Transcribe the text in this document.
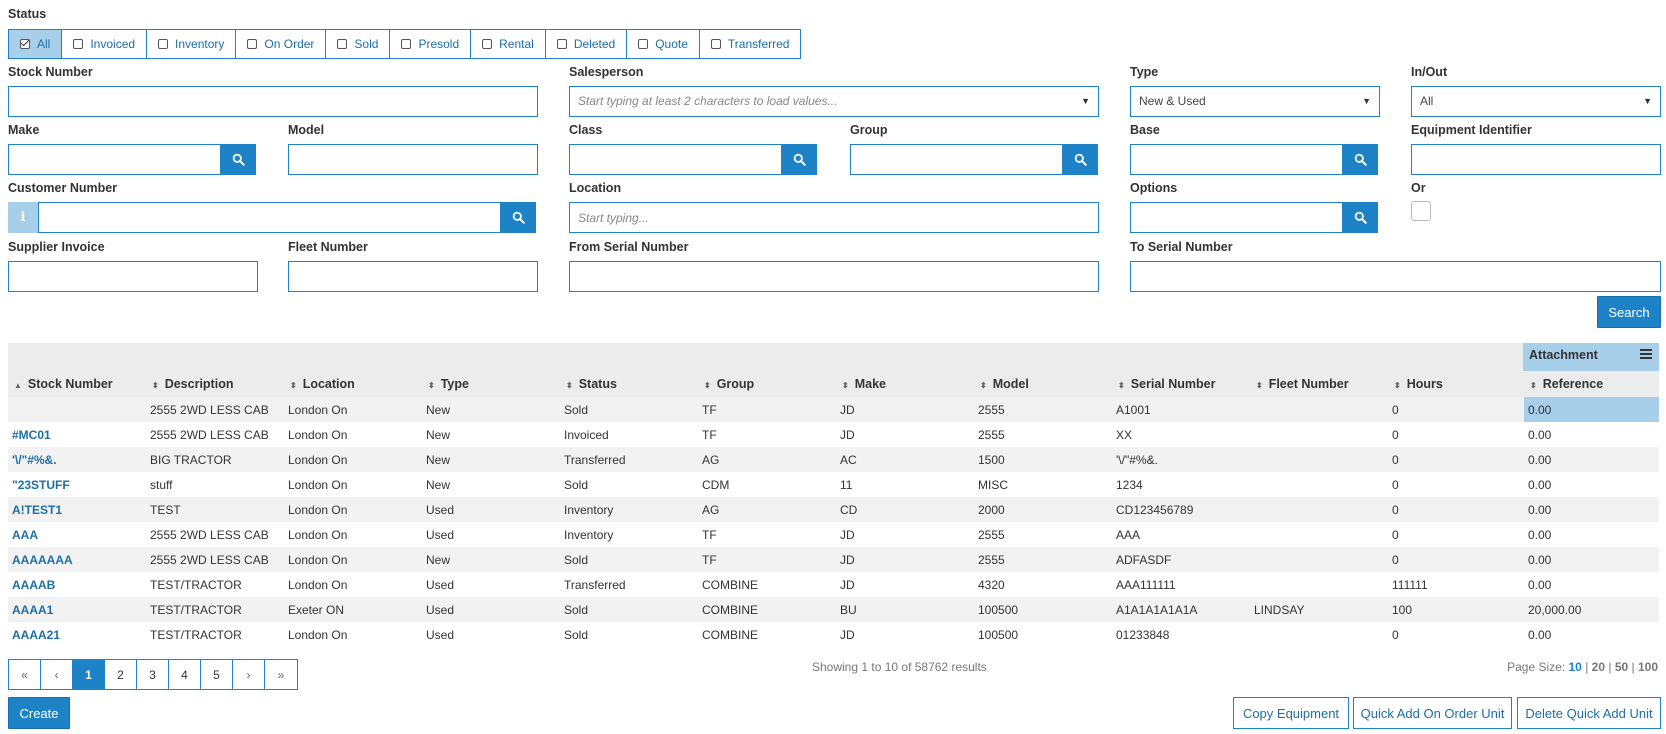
Status
All	Invoiced	Inventory	On Order	Sold	Presold	Rental	Deleted	Quote	Transferred
Stock Number	Salesperson
Start typing at least 2 characters to load values...	▼
Type
New & Used	▼
In/Out
All	▼
Make	Model	Class	Group	Base	Equipment Identifier
Customer Number
i
Location
Start typing...	Options	Or
Supplier Invoice	Fleet Number	From Serial Number	To Serial Number
Search
Attachment
▲ Stock Number	⬍ Description	⬍ Location	⬍ Type	⬍ Status	⬍ Group	⬍ Make	⬍ Model	⬍ Serial Number	⬍ Fleet Number	⬍ Hours	⬍ Reference
	2555 2WD LESS CAB	London On	New	Sold	TF	JD	2555	A1001		0	0.00
#MC01	2555 2WD LESS CAB	London On	New	Invoiced	TF	JD	2555	XX		0	0.00
'\/"#%&.	BIG TRACTOR	London On	New	Transferred	AG	AC	1500	'\/"#%&.		0	0.00
"23STUFF	stuff	London On	New	Sold	CDM	11	MISC	1234		0	0.00
A!TEST1	TEST	London On	Used	Inventory	AG	CD	2000	CD123456789		0	0.00
AAA	2555 2WD LESS CAB	London On	Used	Inventory	TF	JD	2555	AAA		0	0.00
AAAAAAA	2555 2WD LESS CAB	London On	New	Sold	TF	JD	2555	ADFASDF		0	0.00
AAAAB	TEST/TRACTOR	London On	Used	Transferred	COMBINE	JD	4320	AAA111111		111111	0.00
AAAA1	TEST/TRACTOR	Exeter ON	Used	Sold	COMBINE	BU	100500	A1A1A1A1A1A	LINDSAY	100	20,000.00
AAAA21	TEST/TRACTOR	London On	Used	Sold	COMBINE	JD	100500	01233848		0	0.00
«	‹	1	2	3	4	5	›	»
Showing 1 to 10 of 58762 results	Page Size: 10 | 20 | 50 | 100
Create	Copy Equipment	Quick Add On Order Unit	Delete Quick Add Unit
